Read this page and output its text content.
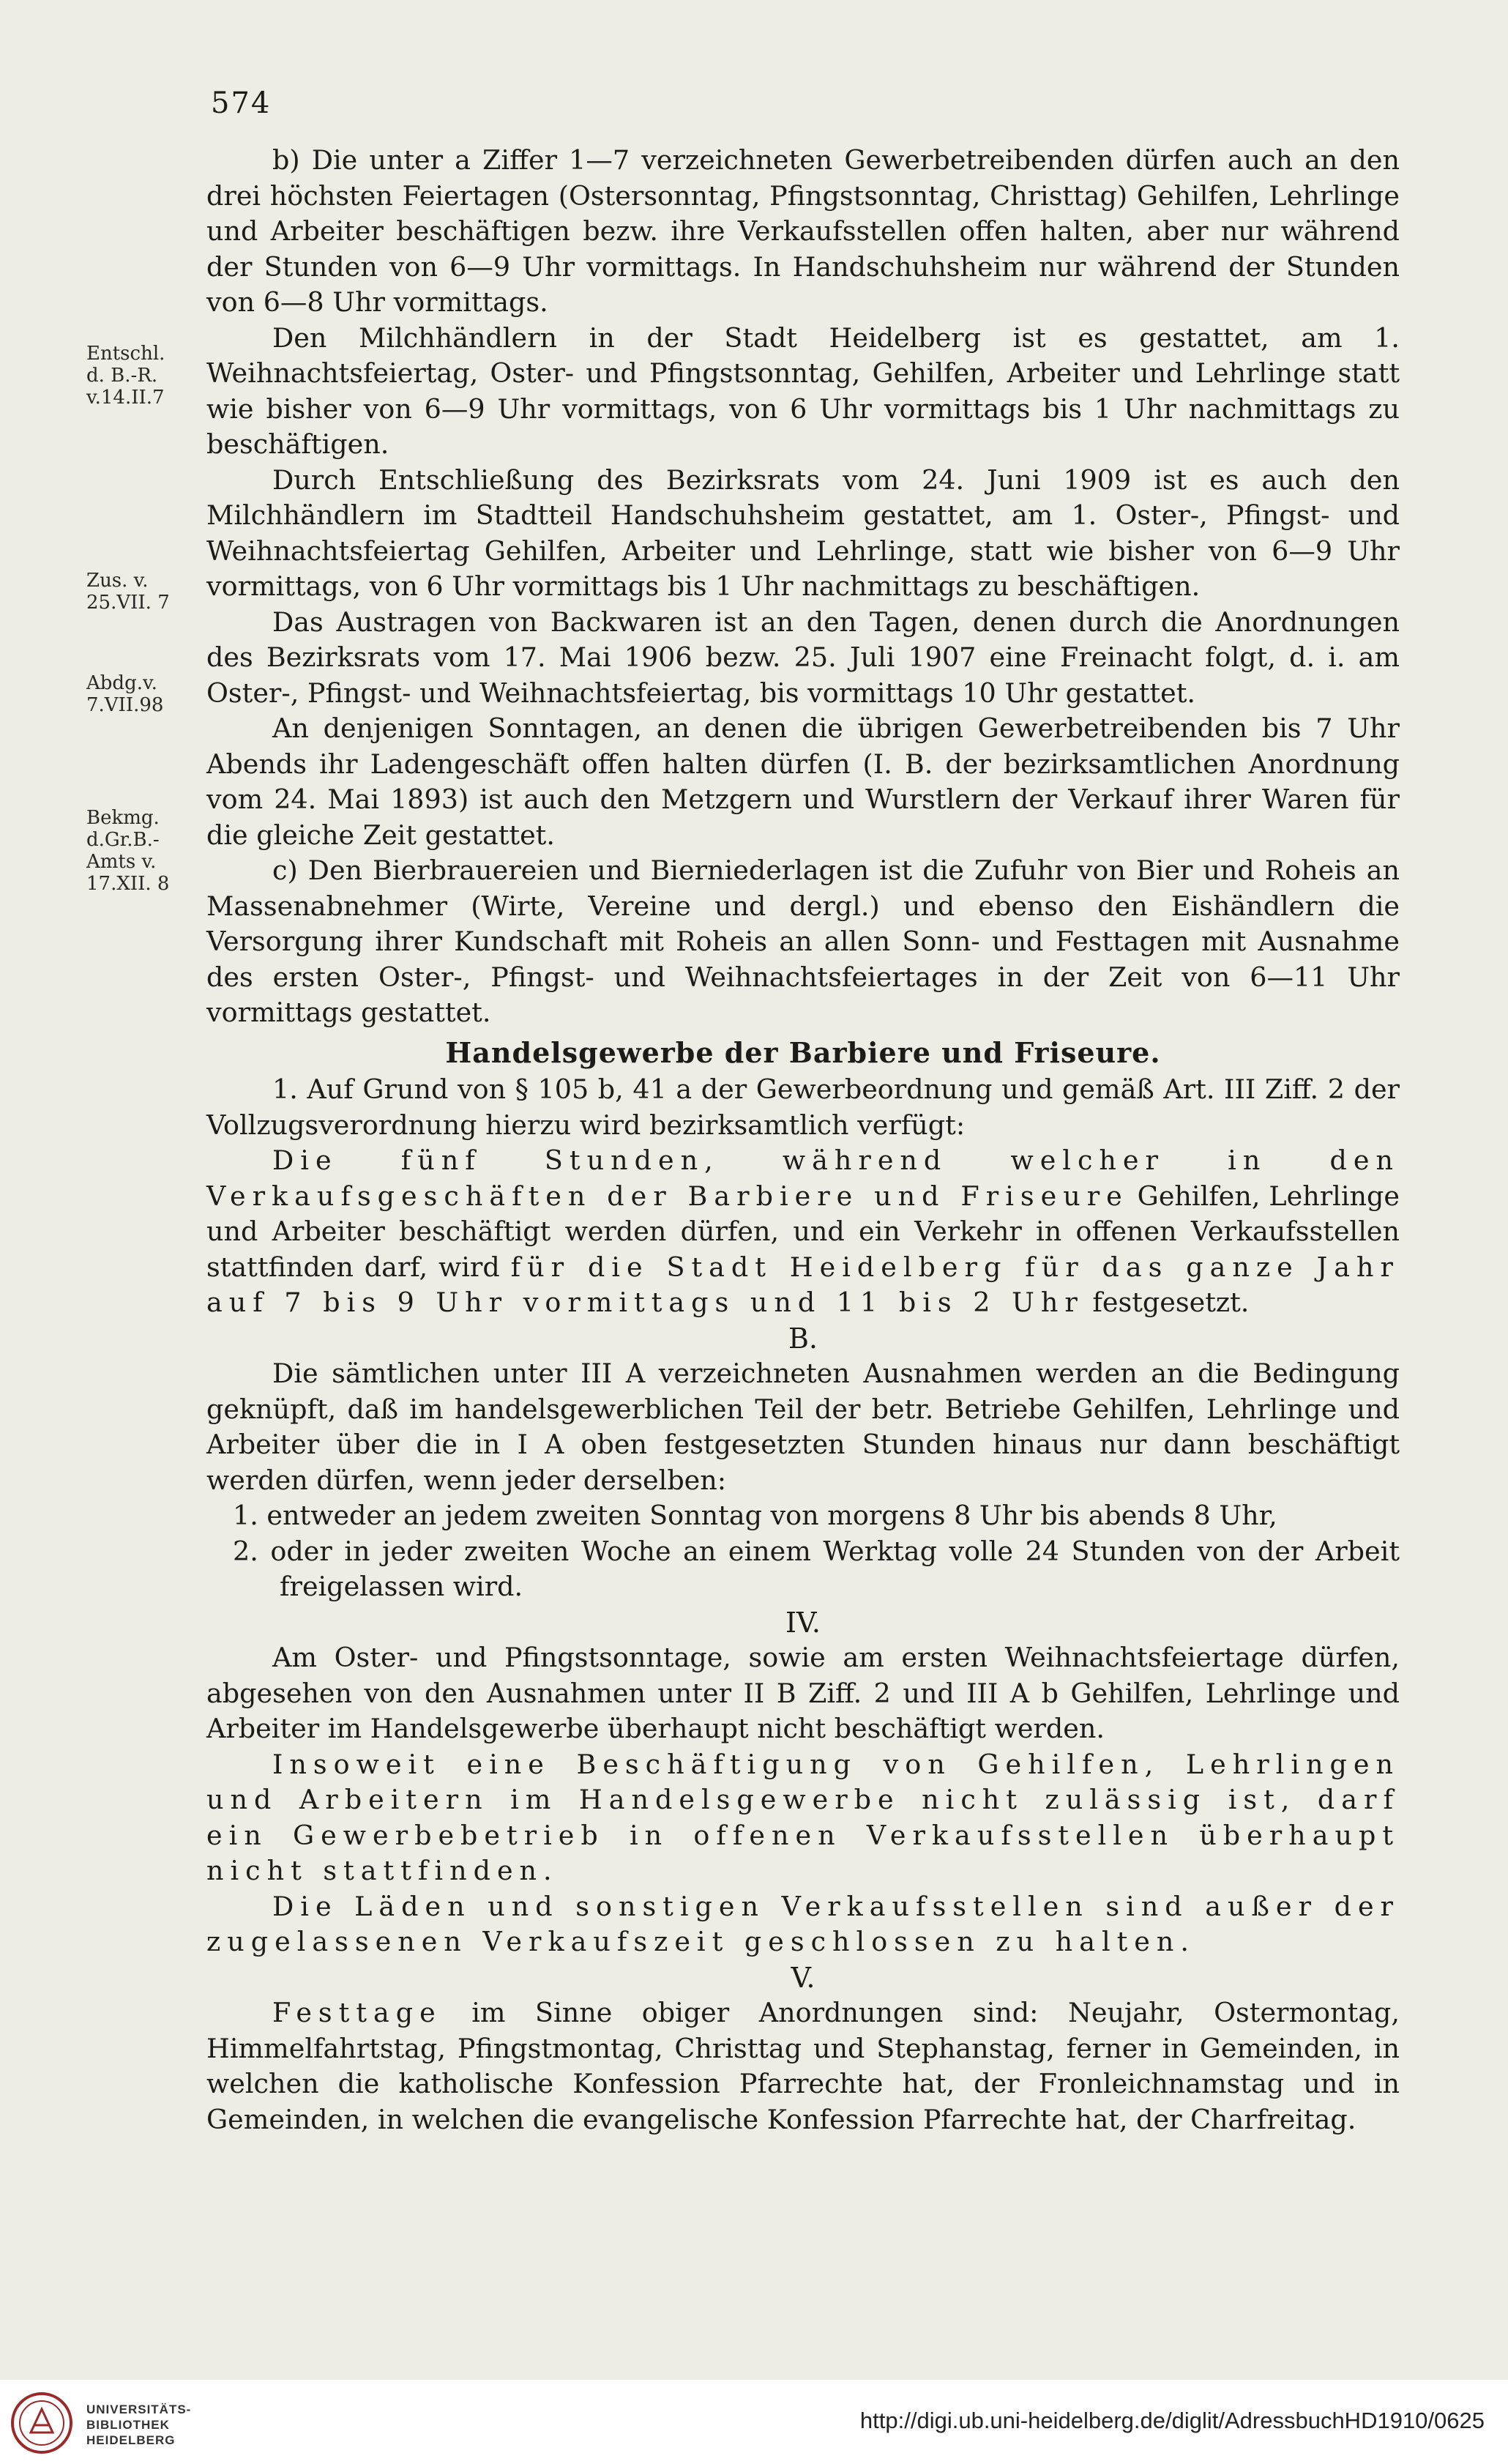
574
Entschl.
d. B.-R.
v.14.II.7
Zus. v.
25.VII. 7
Abdg.v.
7.VII.98
Bekmg.
d.Gr.B.-
Amts v.
17.XII. 8

b) Die unter a Ziffer 1—7 verzeichneten Gewerbetreibenden dürfen auch an den drei höchsten Feiertagen (Ostersonntag, Pfingstsonntag, Christtag) Gehilfen, Lehrlinge und Arbeiter beschäftigen bezw. ihre Verkaufsstellen offen halten, aber nur während der Stunden von 6—9 Uhr vormittags. In Handschuhsheim nur während der Stunden von 6—8 Uhr vormittags.

Den Milchhändlern in der Stadt Heidelberg ist es gestattet, am 1. Weihnachtsfeiertag, Oster- und Pfingstsonntag, Gehilfen, Arbeiter und Lehrlinge statt wie bisher von 6—9 Uhr vormittags, von 6 Uhr vormittags bis 1 Uhr nachmittags zu beschäftigen.

Durch Entschließung des Bezirksrats vom 24. Juni 1909 ist es auch den Milchhändlern im Stadtteil Handschuhsheim gestattet, am 1. Oster-, Pfingst- und Weihnachtsfeiertag Gehilfen, Arbeiter und Lehrlinge, statt wie bisher von 6—9 Uhr vormittags, von 6 Uhr vormittags bis 1 Uhr nachmittags zu beschäftigen.

Das Austragen von Backwaren ist an den Tagen, denen durch die Anordnungen des Bezirksrats vom 17. Mai 1906 bezw. 25. Juli 1907 eine Freinacht folgt, d. i. am Oster-, Pfingst- und Weihnachtsfeiertag, bis vormittags 10 Uhr gestattet.

An denjenigen Sonntagen, an denen die übrigen Gewerbetreibenden bis 7 Uhr Abends ihr Ladengeschäft offen halten dürfen (I. B. der bezirksamtlichen Anordnung vom 24. Mai 1893) ist auch den Metzgern und Wurstlern der Verkauf ihrer Waren für die gleiche Zeit gestattet.

c) Den Bierbrauereien und Bierniederlagen ist die Zufuhr von Bier und Roheis an Massenabnehmer (Wirte, Vereine und dergl.) und ebenso den Eishändlern die Versorgung ihrer Kundschaft mit Roheis an allen Sonn- und Festtagen mit Ausnahme des ersten Oster-, Pfingst- und Weihnachtsfeiertages in der Zeit von 6—11 Uhr vormittags gestattet.

Handelsgewerbe der Barbiere und Friseure.

1. Auf Grund von § 105 b, 41 a der Gewerbeordnung und gemäß Art. III Ziff. 2 der Vollzugsverordnung hierzu wird bezirksamtlich verfügt:

Die fünf Stunden, während welcher in den Verkaufsgeschäften der Barbiere und Friseure Gehilfen, Lehrlinge und Arbeiter beschäftigt werden dürfen, und ein Verkehr in offenen Verkaufsstellen stattfinden darf, wird für die Stadt Heidelberg für das ganze Jahr auf 7 bis 9 Uhr vormittags und 11 bis 2 Uhr festgesetzt.

B.

Die sämtlichen unter III A verzeichneten Ausnahmen werden an die Bedingung geknüpft, daß im handelsgewerblichen Teil der betr. Betriebe Gehilfen, Lehrlinge und Arbeiter über die in I A oben festgesetzten Stunden hinaus nur dann beschäftigt werden dürfen, wenn jeder derselben:

1. entweder an jedem zweiten Sonntag von morgens 8 Uhr bis abends 8 Uhr,

2. oder in jeder zweiten Woche an einem Werktag volle 24 Stunden von der Arbeit freigelassen wird.

IV.

Am Oster- und Pfingstsonntage, sowie am ersten Weihnachtsfeiertage dürfen, abgesehen von den Ausnahmen unter II B Ziff. 2 und III A b Gehilfen, Lehrlinge und Arbeiter im Handelsgewerbe überhaupt nicht beschäftigt werden.

Insoweit eine Beschäftigung von Gehilfen, Lehrlingen und Arbeitern im Handelsgewerbe nicht zulässig ist, darf ein Gewerbebetrieb in offenen Verkaufsstellen überhaupt nicht stattfinden.

Die Läden und sonstigen Verkaufsstellen sind außer der zugelassenen Verkaufszeit geschlossen zu halten.

V.

Festtage im Sinne obiger Anordnungen sind: Neujahr, Ostermontag, Himmelfahrtstag, Pfingstmontag, Christtag und Stephanstag, ferner in Gemeinden, in welchen die katholische Konfession Pfarrechte hat, der Fronleichnamstag und in Gemeinden, in welchen die evangelische Konfession Pfarrechte hat, der Charfreitag.

UNIVERSITÄTS-
BIBLIOTHEK
HEIDELBERG
http://digi.ub.uni-heidelberg.de/diglit/AdressbuchHD1910/0625
